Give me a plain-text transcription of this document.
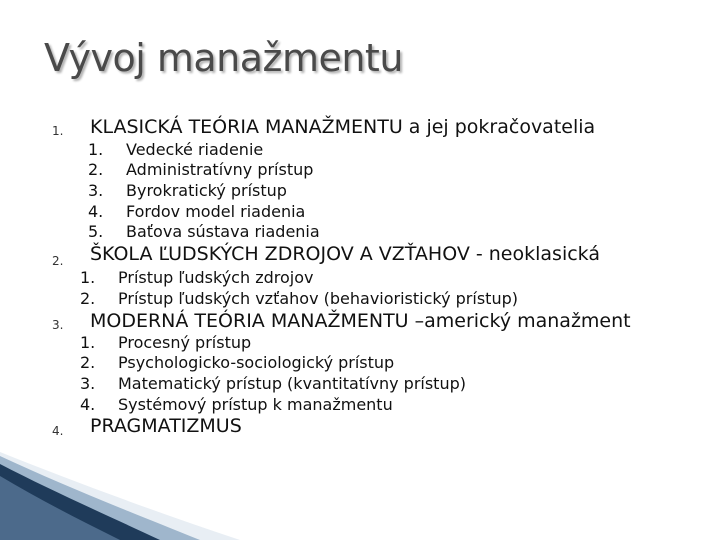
Vývoj manažmentu
1. KLASICKÁ TEÓRIA MANAŽMENTU a jej pokračovatelia
1. Vedecké riadenie
2. Administratívny prístup
3. Byrokratický prístup
4. Fordov model riadenia
5. Baťova sústava riadenia
2. ŠKOLA ĽUDSKÝCH ZDROJOV A VZŤAHOV - neoklasická
1. Prístup ľudských zdrojov
2. Prístup ľudských vzťahov (behavioristický prístup)
3. MODERNÁ TEÓRIA MANAŽMENTU –americký manažment
1. Procesný prístup
2. Psychologicko-sociologický prístup
3. Matematický prístup (kvantitatívny prístup)
4. Systémový prístup k manažmentu
4. PRAGMATIZMUS
